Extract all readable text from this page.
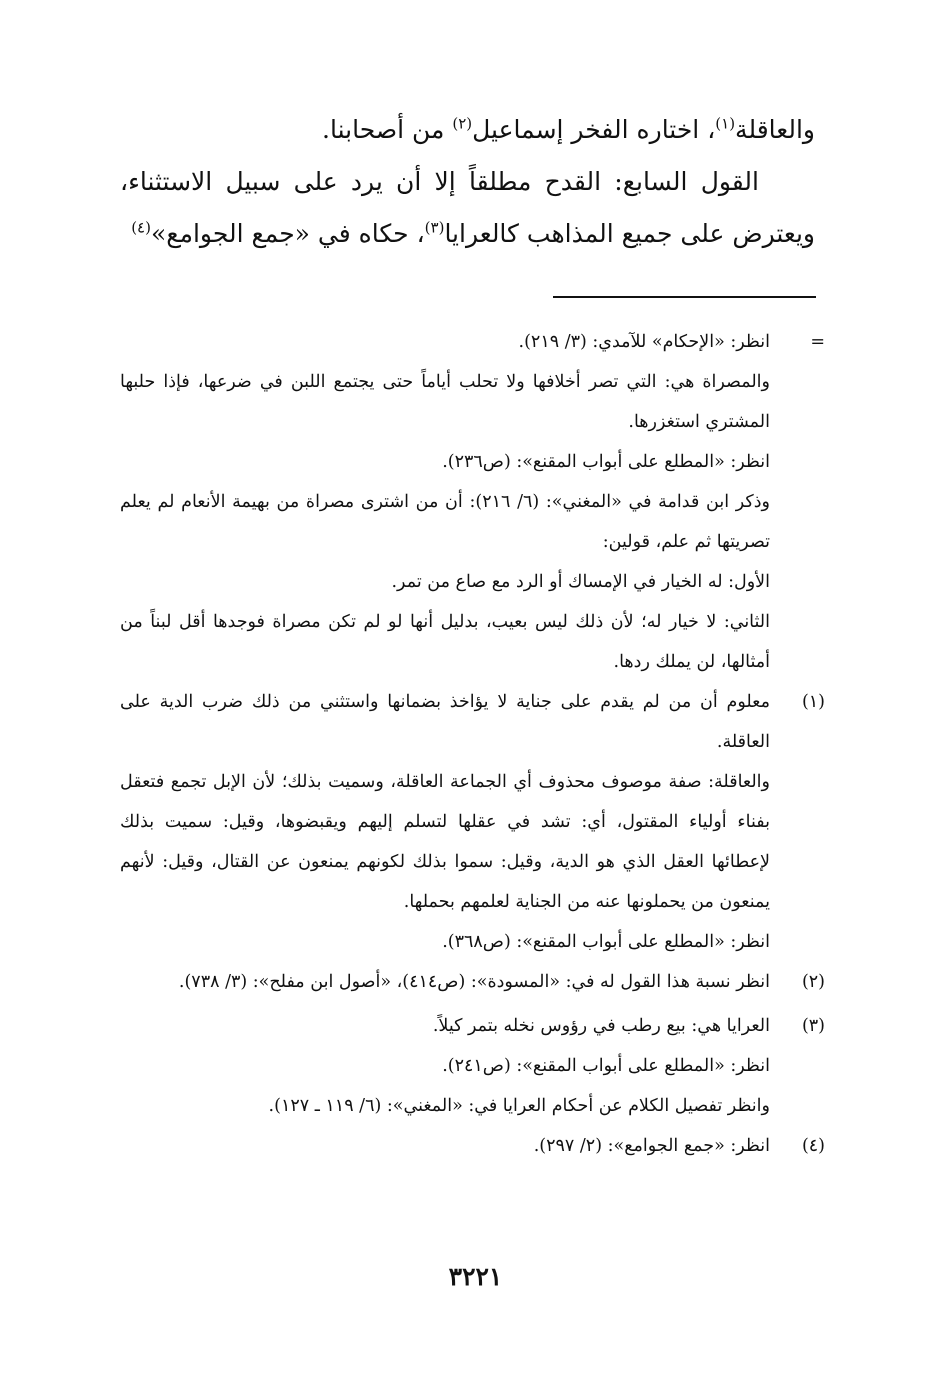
والعاقلة$^{(١)}$، اختاره الفخر إسماعيل$^{(٢)}$ من أصحابنا.

القول السابع: القدح مطلقاً إلا أن يرد على سبيل الاستثناء، ويعترض على جميع المذاهب كالعرايا$^{(٣)}$، حكاه في «جمع الجوامع»$^{(٤)}$

=

انظر: «الإحكام» للآمدي: (٣/ ٢١٩).

والمصراة هي: التي تصر أخلافها ولا تحلب أياماً حتى يجتمع اللبن في ضرعها، فإذا حلبها المشتري استغزرها.

انظر: «المطلع على أبواب المقنع»: (ص٢٣٦).

وذكر ابن قدامة في «المغني»: (٦/ ٢١٦): أن من اشترى مصراة من بهيمة الأنعام لم يعلم تصريتها ثم علم، قولين:

الأول: له الخيار في الإمساك أو الرد مع صاع من تمر.

الثاني: لا خيار له؛ لأن ذلك ليس بعيب، بدليل أنها لو لم تكن مصراة فوجدها أقل لبناً من أمثالها، لن يملك ردها.

(١)

معلوم أن من لم يقدم على جناية لا يؤاخذ بضمانها واستثني من ذلك ضرب الدية على العاقلة.

والعاقلة: صفة موصوف محذوف أي الجماعة العاقلة، وسميت بذلك؛ لأن الإبل تجمع فتعقل بفناء أولياء المقتول، أي: تشد في عقلها لتسلم إليهم ويقبضوها، وقيل: سميت بذلك لإعطائها العقل الذي هو الدية، وقيل: سموا بذلك لكونهم يمنعون عن القتال، وقيل: لأنهم يمنعون من يحملونها عنه من الجناية لعلمهم بحملها.

انظر: «المطلع على أبواب المقنع»: (ص٣٦٨).

(٢)

انظر نسبة هذا القول له في: «المسودة»: (ص٤١٤)، «أصول ابن مفلح»: (٣/ ٧٣٨).

(٣)

العرايا هي: بيع رطب في رؤوس نخله بتمر كيلاً.

انظر: «المطلع على أبواب المقنع»: (ص٢٤١).

وانظر تفصيل الكلام عن أحكام العرايا في: «المغني»: (٦/ ١١٩ ـ ١٢٧).

(٤)

انظر: «جمع الجوامع»: (٢/ ٢٩٧).

٣٢٢١
